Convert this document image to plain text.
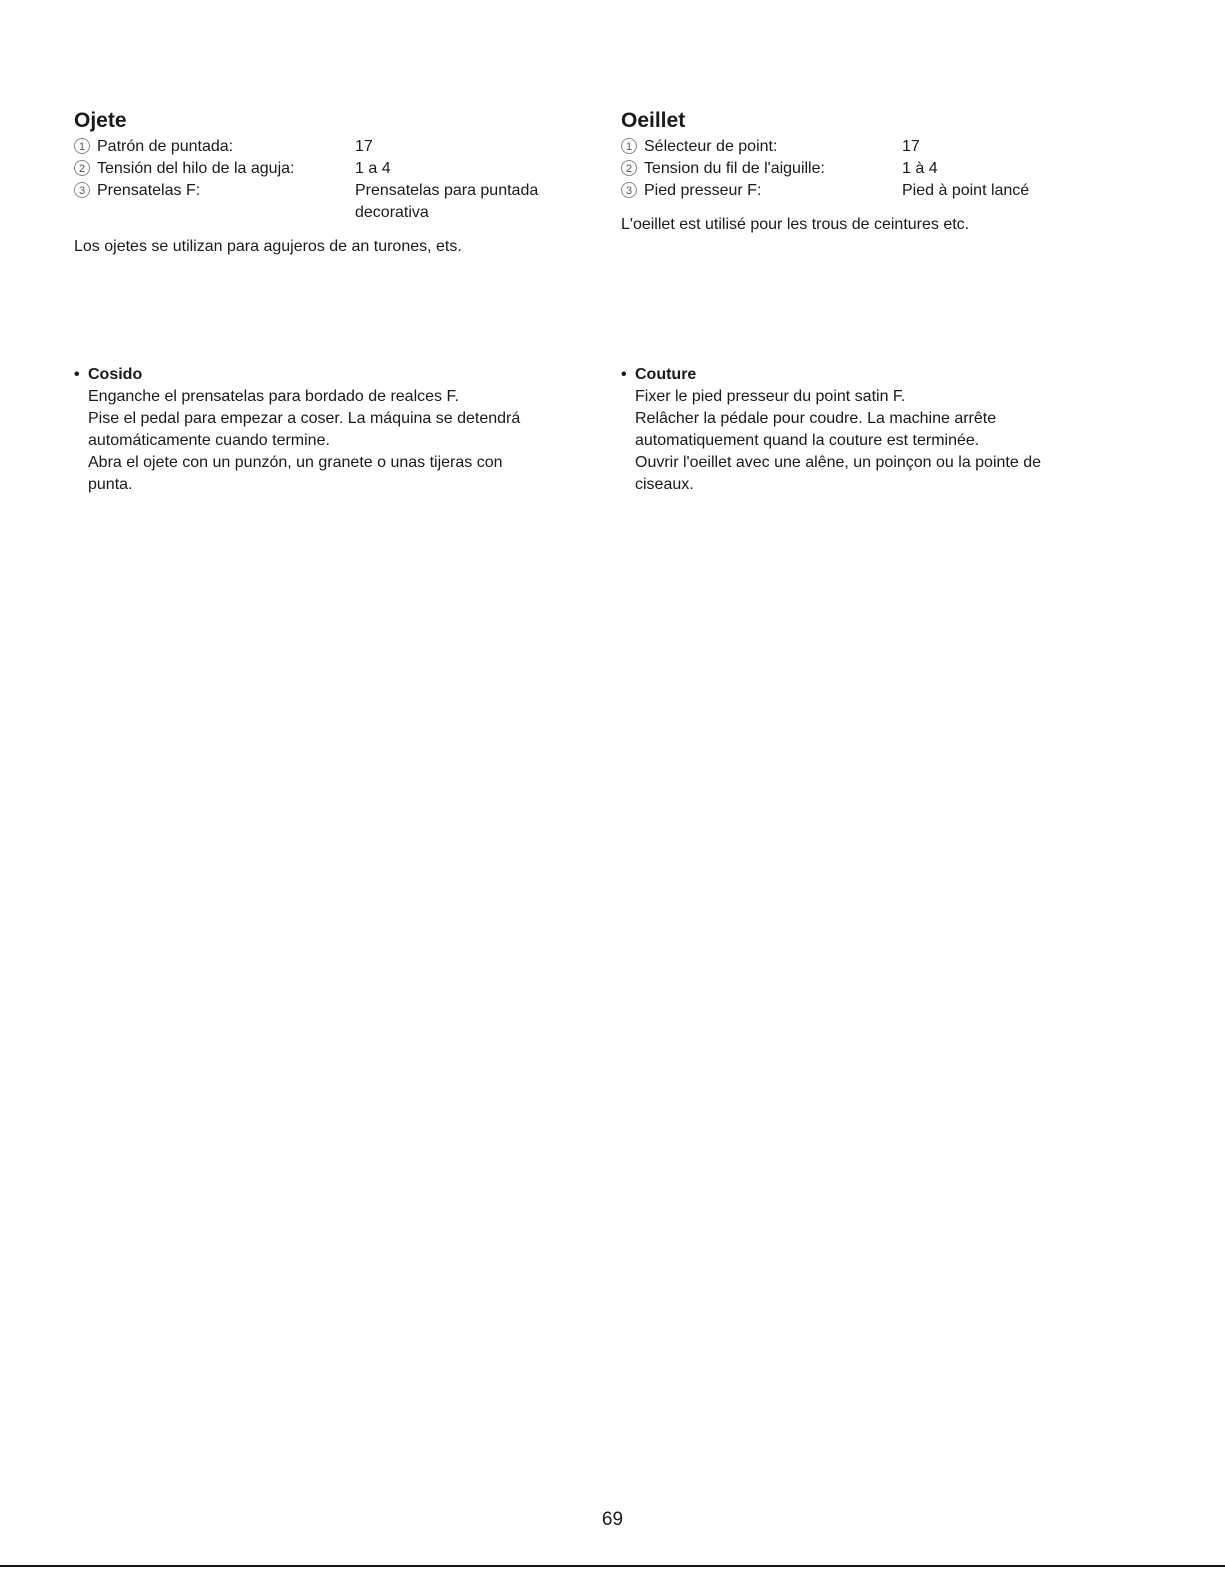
Ojete
1 Patrón de puntada:	17
2 Tensión del hilo de la aguja:	1 a 4
3 Prensatelas F:	Prensatelas para puntada decorativa

Los ojetes se utilizan para agujeros de an turones, ets.

Oeillet
1 Sélecteur de point:	17
2 Tension du fil de l'aiguille:	1 à 4
3 Pied presseur F:	Pied à point lancé

L'oeillet est utilisé pour les trous de ceintures etc.

• Cosido

Enganche el prensatelas para bordado de realces F.

Pise el pedal para empezar a coser. La máquina se detendrá

automáticamente cuando termine.

Abra el ojete con un punzón, un granete o unas tijeras con

punta.

• Couture

Fixer le pied presseur du point satin F.

Relâcher la pédale pour coudre. La machine arrête

automatiquement quand la couture est terminée.

Ouvrir l'oeillet avec une alêne, un poinçon ou la pointe de

ciseaux.

69
